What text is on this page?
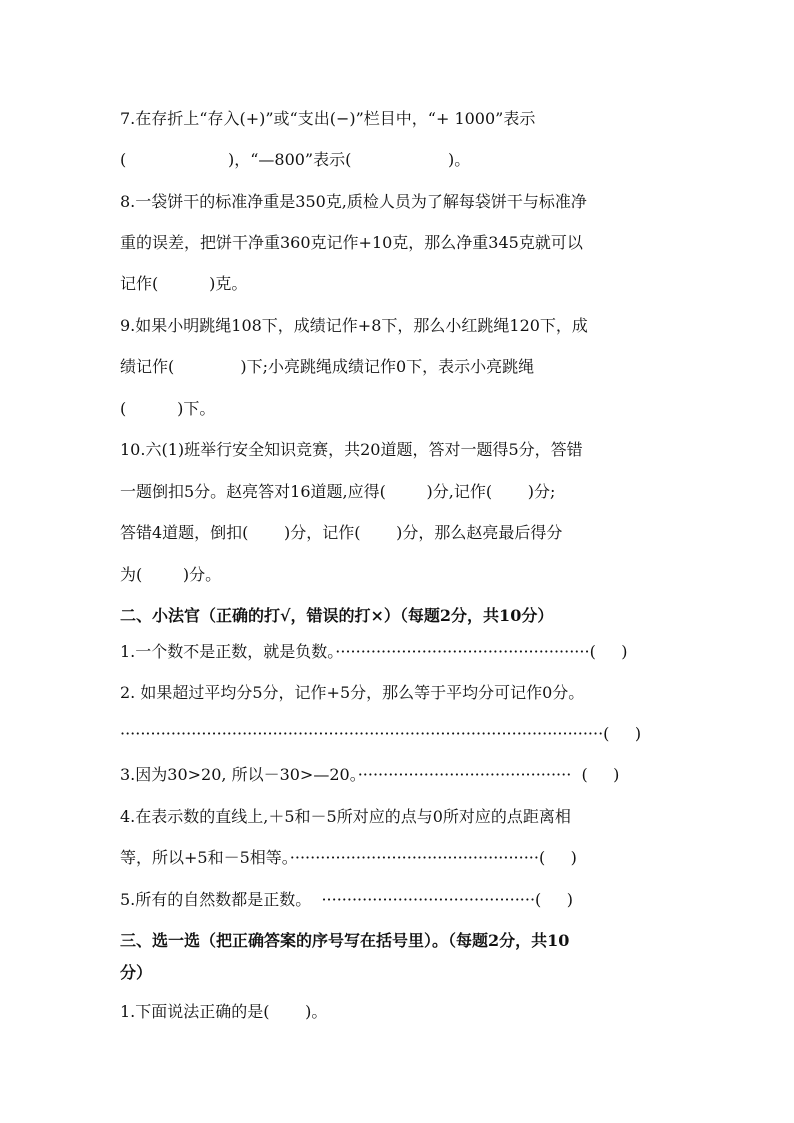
7.在存折上“存入(+)”或“支出(−)”栏目中，“+ 1000”表示
(                    )，“—800”表示(                   )。
8.一袋饼干的标准净重是350克,质检人员为了解每袋饼干与标准净
重的误差，把饼干净重360克记作+10克，那么净重345克就可以
记作(          )克。
9.如果小明跳绳108下，成绩记作+8下，那么小红跳绳120下，成
绩记作(             )下;小亮跳绳成绩记作0下，表示小亮跳绳
(          )下。
10.六(1)班举行安全知识竞赛，共20道题，答对一题得5分，答错
一题倒扣5分。赵亮答对16道题,应得(        )分,记作(       )分;
答错4道题，倒扣(       )分，记作(       )分，那么赵亮最后得分
为(        )分。
二、小法官（正确的打√，错误的打×）（每题2分，共10分）
1.一个数不是正数，就是负数。··················································(     )
2. 如果超过平均分5分，记作+5分，那么等于平均分可记作0分。
·······························································································(     )
3.因为30>20, 所以－30>—20。··········································  (     )
4.在表示数的直线上,＋5和－5所对应的点与0所对应的点距离相
等，所以+5和－5相等。·················································(     )
5.所有的自然数都是正数。  ··········································(     )
三、选一选（把正确答案的序号写在括号里）。（每题2分，共10
分）
1.下面说法正确的是(       )。
